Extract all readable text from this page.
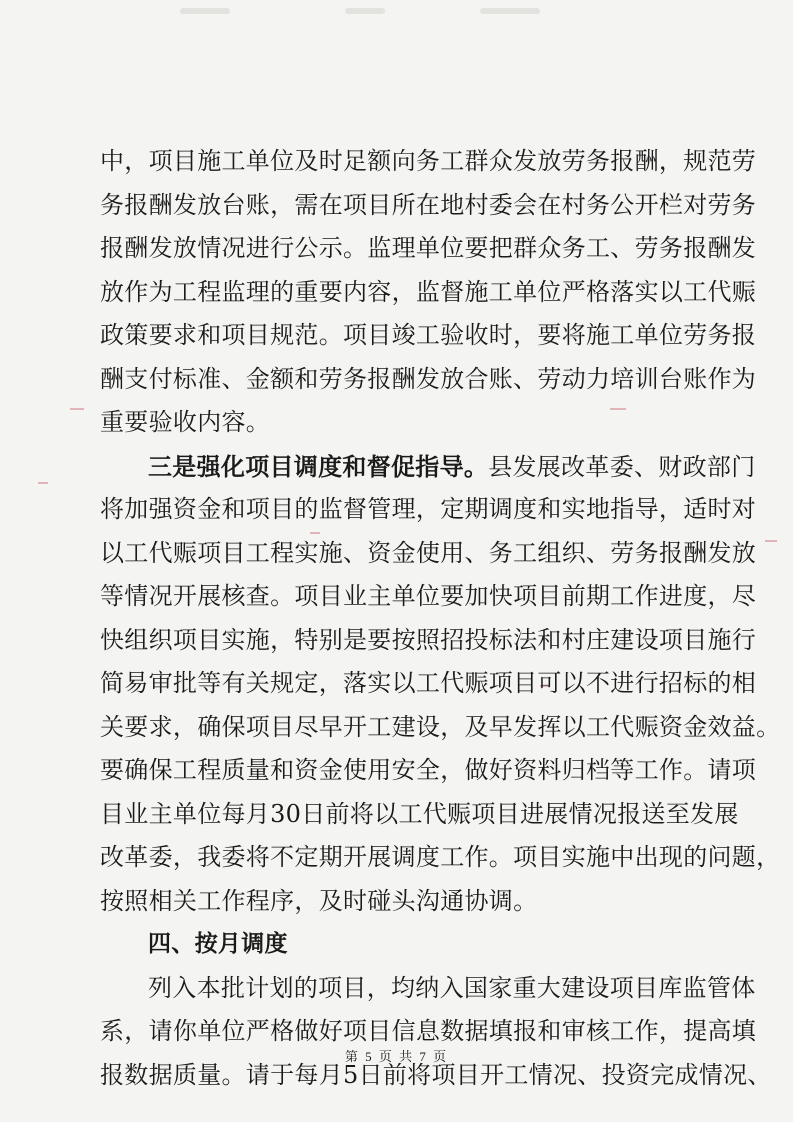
中，项目施工单位及时足额向务工群众发放劳务报酬，规范劳
务报酬发放台账，需在项目所在地村委会在村务公开栏对劳务
报酬发放情况进行公示。监理单位要把群众务工、劳务报酬发
放作为工程监理的重要内容，监督施工单位严格落实以工代赈
政策要求和项目规范。项目竣工验收时，要将施工单位劳务报
酬支付标准、金额和劳务报酬发放合账、劳动力培训台账作为
重要验收内容。
三是强化项目调度和督促指导。县发展改革委、财政部门
将加强资金和项目的监督管理，定期调度和实地指导，适时对
以工代赈项目工程实施、资金使用、务工组织、劳务报酬发放
等情况开展核查。项目业主单位要加快项目前期工作进度，尽
快组织项目实施，特别是要按照招投标法和村庄建设项目施行
简易审批等有关规定，落实以工代赈项目可以不进行招标的相
关要求，确保项目尽早开工建设，及早发挥以工代赈资金效益。
要确保工程质量和资金使用安全，做好资料归档等工作。请项
目业主单位每月30日前将以工代赈项目进展情况报送至发展
改革委，我委将不定期开展调度工作。项目实施中出现的问题，
按照相关工作程序，及时碰头沟通协调。
四、按月调度
列入本批计划的项目，均纳入国家重大建设项目库监管体
系，请你单位严格做好项目信息数据填报和审核工作，提高填
报数据质量。请于每月5日前将项目开工情况、投资完成情况、
第 5 页 共 7 页
